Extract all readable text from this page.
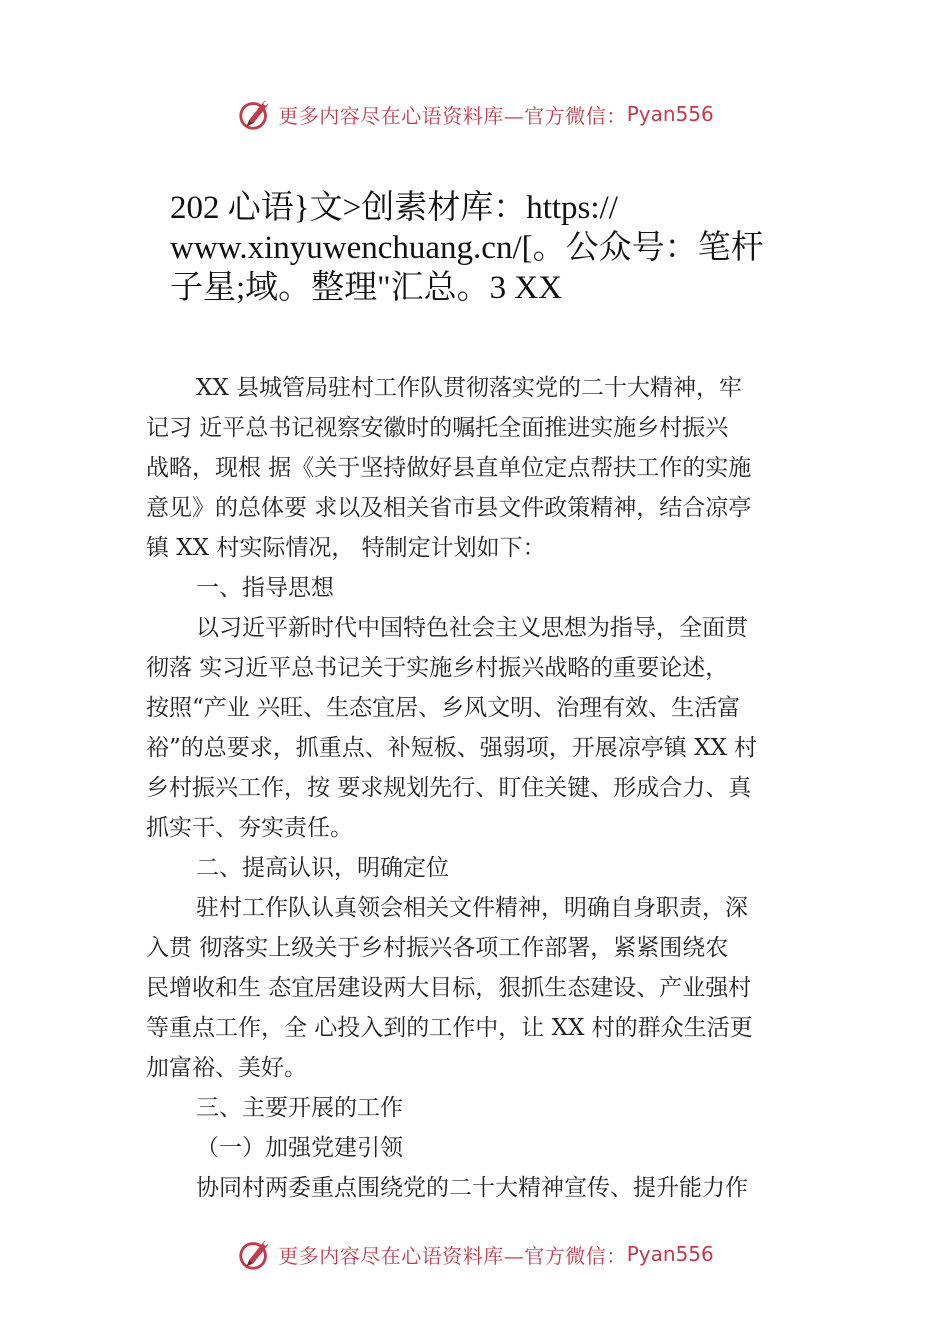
更多内容尽在心语资料库—官方微信： Pyan556
202 心语}文>创素材库：https://
www.xinyuwenchuang.cn/[。公众号：笔杆
子星;域。整理"汇总。3 XX
XX 县城管局驻村工作队贯彻落实党的二十大精神，牢
记习 近平总书记视察安徽时的嘱托全面推进实施乡村振兴
战略，现根 据《关于坚持做好县直单位定点帮扶工作的实施
意见》的总体要 求以及相关省市县文件政策精神，结合凉亭
镇 XX 村实际情况， 特制定计划如下：
一、指导思想
以习近平新时代中国特色社会主义思想为指导，全面贯
彻落 实习近平总书记关于实施乡村振兴战略的重要论述，
按照“产业 兴旺、生态宜居、乡风文明、治理有效、生活富
裕”的总要求，抓重点、补短板、强弱项，开展凉亭镇 XX 村
乡村振兴工作，按 要求规划先行、盯住关键、形成合力、真
抓实干、夯实责任。
二、提高认识，明确定位
驻村工作队认真领会相关文件精神，明确自身职责，深
入贯 彻落实上级关于乡村振兴各项工作部署，紧紧围绕农
民增收和生 态宜居建设两大目标，狠抓生态建设、产业强村
等重点工作，全 心投入到的工作中，让 XX 村的群众生活更
加富裕、美好。
三、主要开展的工作
（一）加强党建引领
协同村两委重点围绕党的二十大精神宣传、提升能力作
更多内容尽在心语资料库—官方微信： Pyan556
